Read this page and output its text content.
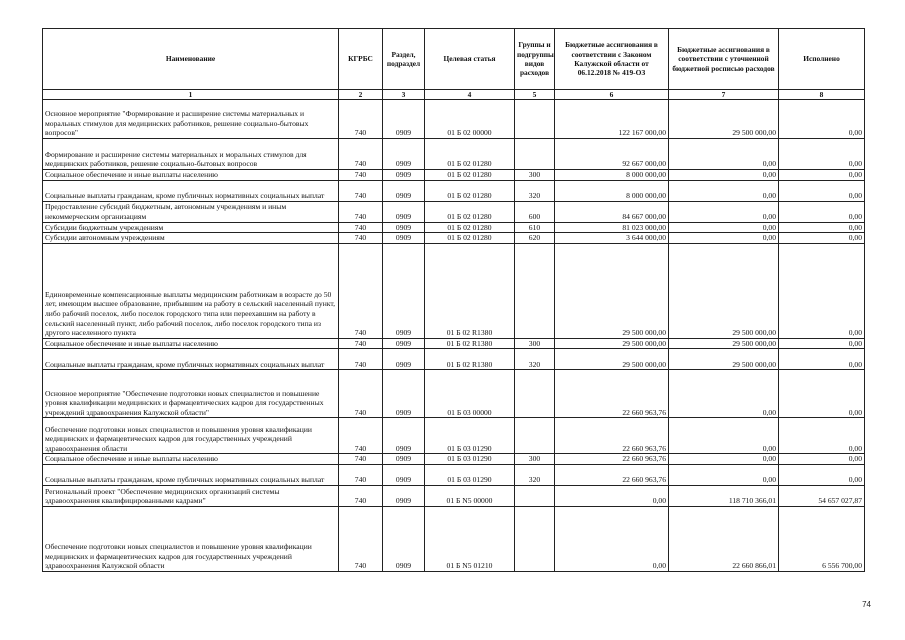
Наименование	КГРБС	Раздел, подраздел	Целевая статья	Группы и подгруппы видов расходов	Бюджетные ассигнования в соответствии с Законом Калужской области от 06.12.2018 № 419-ОЗ	Бюджетные ассигнования в соответствии с уточненной бюджетной росписью расходов	Исполнено
1	2	3	4	5	6	7	8
Основное мероприятие "Формирование и расширение системы материальных и моральных стимулов для медицинских работников, решение социально-бытовых вопросов"	740	0909	01 Б 02 00000		122 167 000,00	29 500 000,00	0,00
Формирование и расширение системы материальных и моральных стимулов для медицинских работников, решение социально-бытовых вопросов	740	0909	01 Б 02 01280		92 667 000,00	0,00	0,00
Социальное обеспечение и иные выплаты населению	740	0909	01 Б 02 01280	300	8 000 000,00	0,00	0,00
Социальные выплаты гражданам, кроме публичных нормативных социальных выплат	740	0909	01 Б 02 01280	320	8 000 000,00	0,00	0,00
Предоставление субсидий бюджетным, автономным учреждениям и иным некоммерческим организациям	740	0909	01 Б 02 01280	600	84 667 000,00	0,00	0,00
Субсидии бюджетным учреждениям	740	0909	01 Б 02 01280	610	81 023 000,00	0,00	0,00
Субсидии автономным учреждениям	740	0909	01 Б 02 01280	620	3 644 000,00	0,00	0,00
Единовременные компенсационные выплаты медицинским работникам в возрасте до 50 лет, имеющим высшее образование, прибывшим на работу в сельский населенный пункт, либо рабочий поселок, либо поселок городского типа или переехавшим на работу в сельский населенный пункт, либо рабочий поселок, либо поселок городского типа из другого населенного пункта	740	0909	01 Б 02 R1380		29 500 000,00	29 500 000,00	0,00
Социальное обеспечение и иные выплаты населению	740	0909	01 Б 02 R1380	300	29 500 000,00	29 500 000,00	0,00
Социальные выплаты гражданам, кроме публичных нормативных социальных выплат	740	0909	01 Б 02 R1380	320	29 500 000,00	29 500 000,00	0,00
Основное мероприятие "Обеспечение подготовки новых специалистов и повышение уровня квалификации медицинских и фармацевтических кадров для государственных учреждений здравоохранения Калужской области"	740	0909	01 Б 03 00000		22 660 963,76	0,00	0,00
Обеспечение подготовки новых специалистов и повышения уровня квалификации медицинских и фармацевтических кадров для государственных учреждений здравоохранения области	740	0909	01 Б 03 01290		22 660 963,76	0,00	0,00
Социальное обеспечение и иные выплаты населению	740	0909	01 Б 03 01290	300	22 660 963,76	0,00	0,00
Социальные выплаты гражданам, кроме публичных нормативных социальных выплат	740	0909	01 Б 03 01290	320	22 660 963,76	0,00	0,00
Региональный проект "Обеспечение медицинских организаций системы здравоохранения квалифицированными кадрами"	740	0909	01 Б N5 00000		0,00	118 710 366,01	54 657 027,87
Обеспечение подготовки новых специалистов и повышение уровня квалификации медицинских и фармацевтических кадров для государственных учреждений здравоохранения Калужской области	740	0909	01 Б N5 01210		0,00	22 660 866,01	6 556 700,00
74
